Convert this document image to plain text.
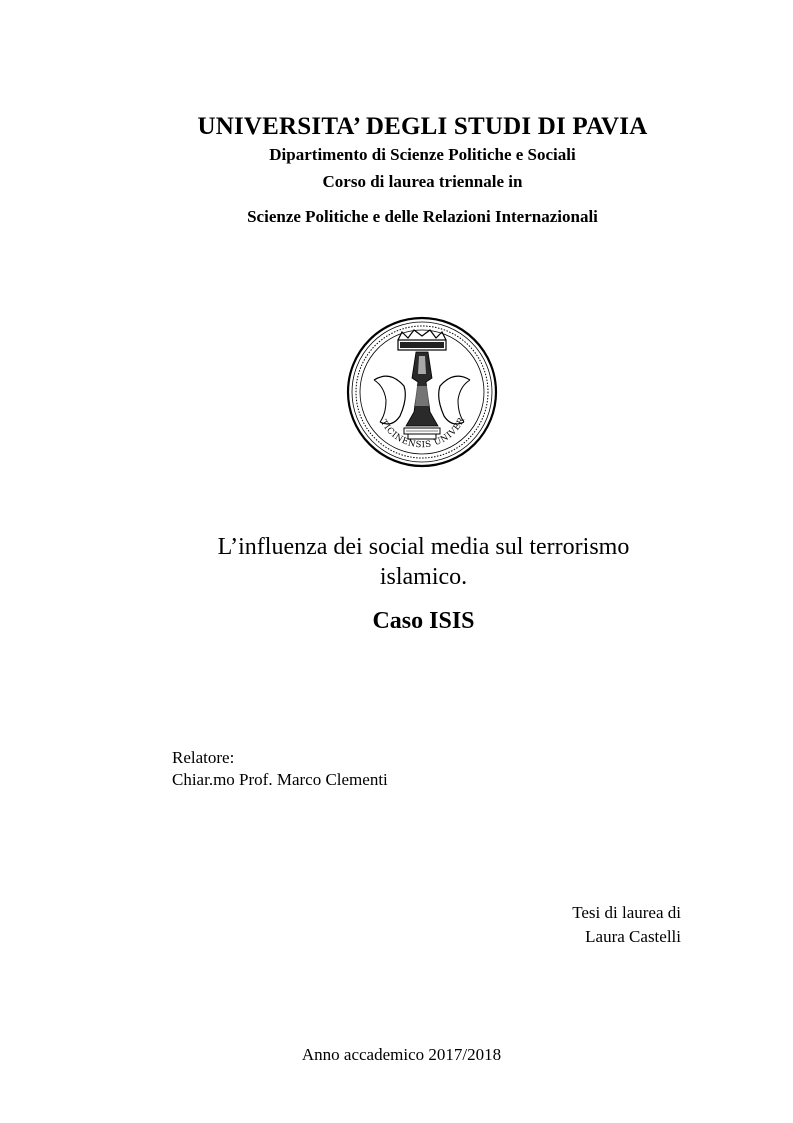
UNIVERSITA’ DEGLI STUDI DI PAVIA
Dipartimento di Scienze Politiche e Sociali
Corso di laurea triennale in
Scienze Politiche e delle Relazioni Internazionali
TICINENSIS UNIVER
L’influenza dei social media sul terrorismo
islamico.
Caso ISIS
Relatore:
Chiar.mo Prof. Marco Clementi
Tesi di laurea di
Laura Castelli
Anno accademico 2017/2018
